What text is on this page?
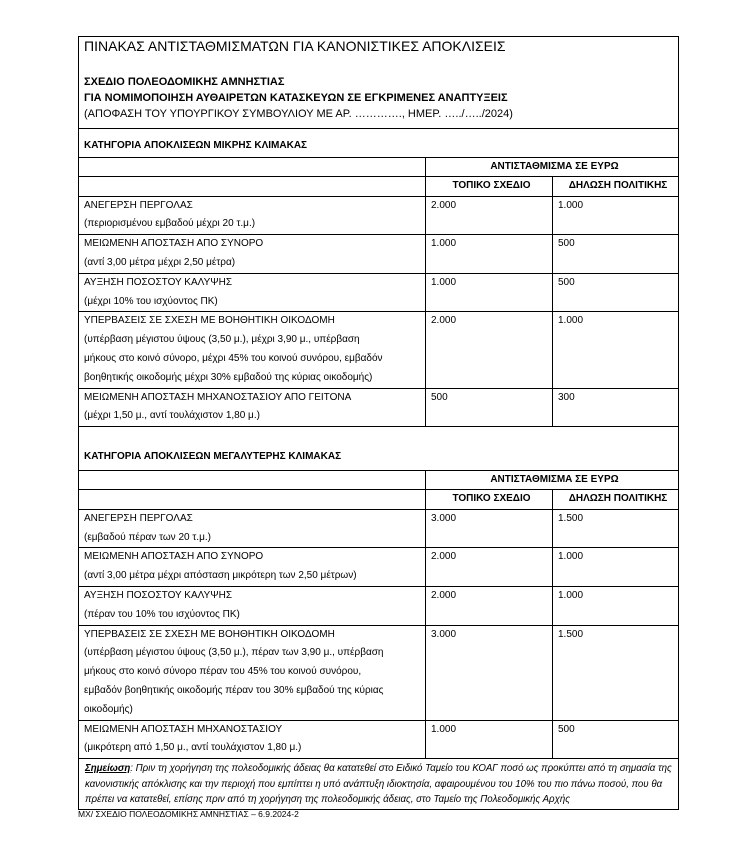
ΠΙΝΑΚΑΣ ΑΝΤΙΣΤΑΘΜΙΣΜΑΤΩΝ ΓΙΑ ΚΑΝΟΝΙΣΤΙΚΕΣ ΑΠΟΚΛΙΣΕΙΣ		

ΣΧΕΔΙΟ ΠΟΛΕΟΔΟΜΙΚΗΣ ΑΜΝΗΣΤΙΑΣ
ΓΙΑ ΝΟΜΙΜΟΠΟΙΗΣΗ ΑΥΘΑΙΡΕΤΩΝ ΚΑΤΑΣΚΕΥΩΝ ΣΕ ΕΓΚΡΙΜΕΝΕΣ ΑΝΑΠΤΥΞΕΙΣ
(ΑΠΟΦΑΣΗ ΤΟΥ ΥΠΟΥΡΓΙΚΟΥ ΣΥΜΒΟΥΛΙΟΥ ΜΕ ΑΡ. …………., ΗΜΕΡ. …../…../2024)		

ΚΑΤΗΓΟΡΙΑ ΑΠΟΚΛΙΣΕΩΝ ΜΙΚΡΗΣ ΚΛΙΜΑΚΑΣ		
	ΑΝΤΙΣΤΑΘΜΙΣΜΑ ΣΕ ΕΥΡΩ	
	ΤΟΠΙΚΟ ΣΧΕΔΙΟ	ΔΗΛΩΣΗ ΠΟΛΙΤΙΚΗΣ

ΑΝΕΓΕΡΣΗ ΠΕΡΓΟΛΑΣ
(περιορισμένου εμβαδού μέχρι 20 τ.μ.)	2.000	1.000

ΜΕΙΩΜΕΝΗ ΑΠΟΣΤΑΣΗ ΑΠΟ ΣΥΝΟΡΟ
(αντί 3,00 μέτρα μέχρι 2,50 μέτρα)	1.000	500

ΑΥΞΗΣΗ ΠΟΣΟΣΤΟΥ ΚΑΛΥΨΗΣ
(μέχρι 10% του ισχύοντος ΠΚ)	1.000	500

ΥΠΕΡΒΑΣΕΙΣ ΣΕ ΣΧΕΣΗ ΜΕ ΒΟΗΘΗΤΙΚΗ ΟΙΚΟΔΟΜΗ
(υπέρβαση μέγιστου ύψους (3,50 μ.), μέχρι 3,90 μ., υπέρβαση
μήκους στο κοινό σύνορο, μέχρι 45% του κοινού συνόρου, εμβαδόν
βοηθητικής οικοδομής μέχρι 30% εμβαδού της κύριας οικοδομής)	2.000	1.000

ΜΕΙΩΜΕΝΗ ΑΠΟΣΤΑΣΗ ΜΗΧΑΝΟΣΤΑΣΙΟΥ ΑΠΟ ΓΕΙΤΟΝΑ
(μέχρι 1,50 μ., αντί τουλάχιστον 1,80 μ.)	500	300

ΚΑΤΗΓΟΡΙΑ ΑΠΟΚΛΙΣΕΩΝ ΜΕΓΑΛΥΤΕΡΗΣ ΚΛΙΜΑΚΑΣ		
	ΑΝΤΙΣΤΑΘΜΙΣΜΑ ΣΕ ΕΥΡΩ	
	ΤΟΠΙΚΟ ΣΧΕΔΙΟ	ΔΗΛΩΣΗ ΠΟΛΙΤΙΚΗΣ

ΑΝΕΓΕΡΣΗ ΠΕΡΓΟΛΑΣ
(εμβαδού πέραν των 20 τ.μ.)	3.000	1.500

ΜΕΙΩΜΕΝΗ ΑΠΟΣΤΑΣΗ ΑΠΟ ΣΥΝΟΡΟ
(αντί 3,00 μέτρα μέχρι απόσταση μικρότερη των 2,50 μέτρων)	2.000	1.000

ΑΥΞΗΣΗ ΠΟΣΟΣΤΟΥ ΚΑΛΥΨΗΣ
(πέραν του 10% του ισχύοντος ΠΚ)	2.000	1.000

ΥΠΕΡΒΑΣΕΙΣ ΣΕ ΣΧΕΣΗ ΜΕ ΒΟΗΘΗΤΙΚΗ ΟΙΚΟΔΟΜΗ
(υπέρβαση μέγιστου ύψους (3,50 μ.), πέραν των 3,90 μ., υπέρβαση
μήκους στο κοινό σύνορο πέραν του 45% του κοινού συνόρου,
εμβαδόν βοηθητικής οικοδομής πέραν του 30% εμβαδού της κύριας
οικοδομής)	3.000	1.500

ΜΕΙΩΜΕΝΗ ΑΠΟΣΤΑΣΗ ΜΗΧΑΝΟΣΤΑΣΙΟΥ
(μικρότερη από 1,50 μ., αντί τουλάχιστον 1,80 μ.)	1.000	500
Σημείωση: Πριν τη χορήγηση της πολεοδομικής άδειας θα κατατεθεί στο Ειδικό Ταμείο του ΚΟΑΓ ποσό ως προκύπτει από τη σημασία της κανονιστικής απόκλισης και την περιοχή που εμπίπτει η υπό ανάπτυξη ιδιοκτησία, αφαιρουμένου του 10% του πιο πάνω ποσού, που θα πρέπει να κατατεθεί, επίσης πριν από τη χορήγηση της πολεοδομικής άδειας, στο Ταμείο της Πολεοδομικής Αρχής		
ΜΧ/ ΣΧΕΔΙΟ ΠΟΛΕΟΔΟΜΙΚΗΣ ΑΜΝΗΣΤΙΑΣ – 6.9.2024-2
